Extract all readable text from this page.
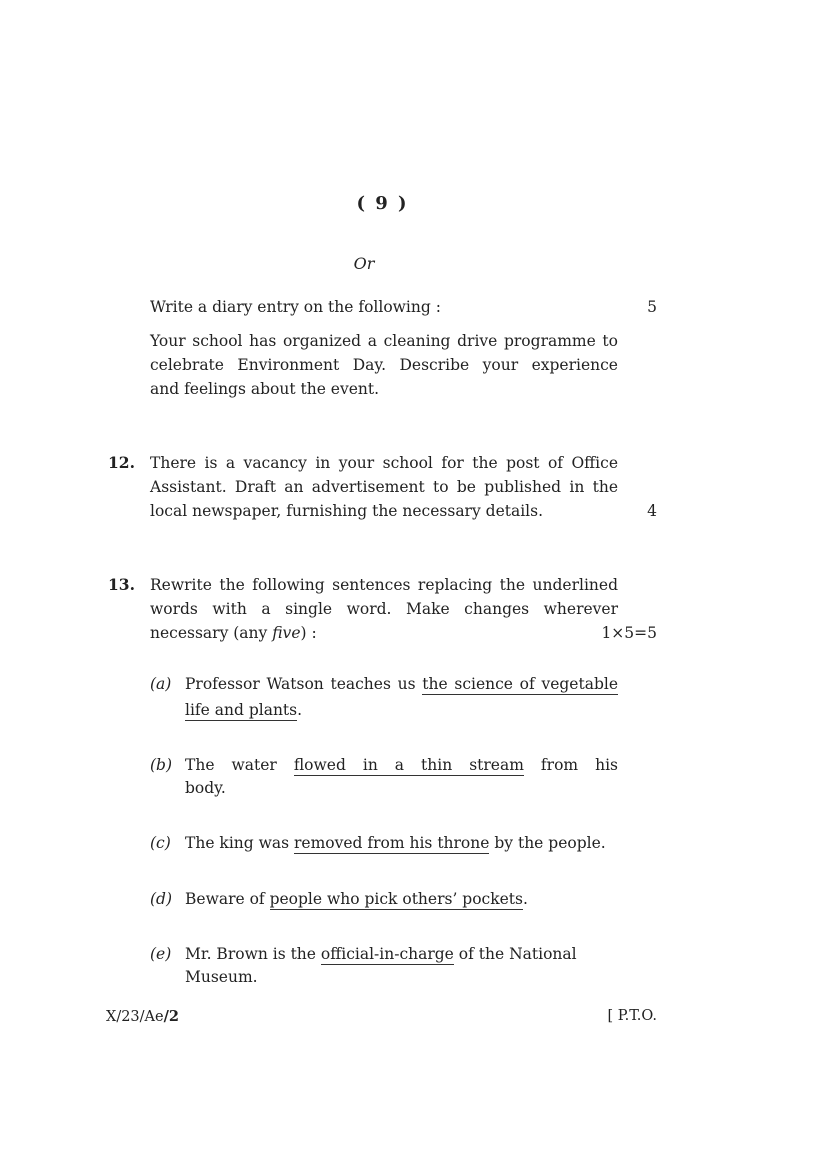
( 9 )
Or
Write a diary entry on the following :	5
Your school has organized a cleaning drive programme to
celebrate Environment Day. Describe your experience
and feelings about the event.
12. There is a vacancy in your school for the post of Office
Assistant. Draft an advertisement to be published in the
local newspaper, furnishing the necessary details.	4
13. Rewrite the following sentences replacing the underlined
words with a single word. Make changes wherever
necessary (any five) :	1×5=5
(a) Professor Watson teaches us the science of vegetable
life and plants.
(b) The water flowed in a thin stream from his
body.
(c) The king was removed from his throne by the people.
(d) Beware of people who pick others’ pockets.
(e) Mr. Brown is the official-in-charge of the National
Museum.
X/23/Ae/2	[ P.T.O.
